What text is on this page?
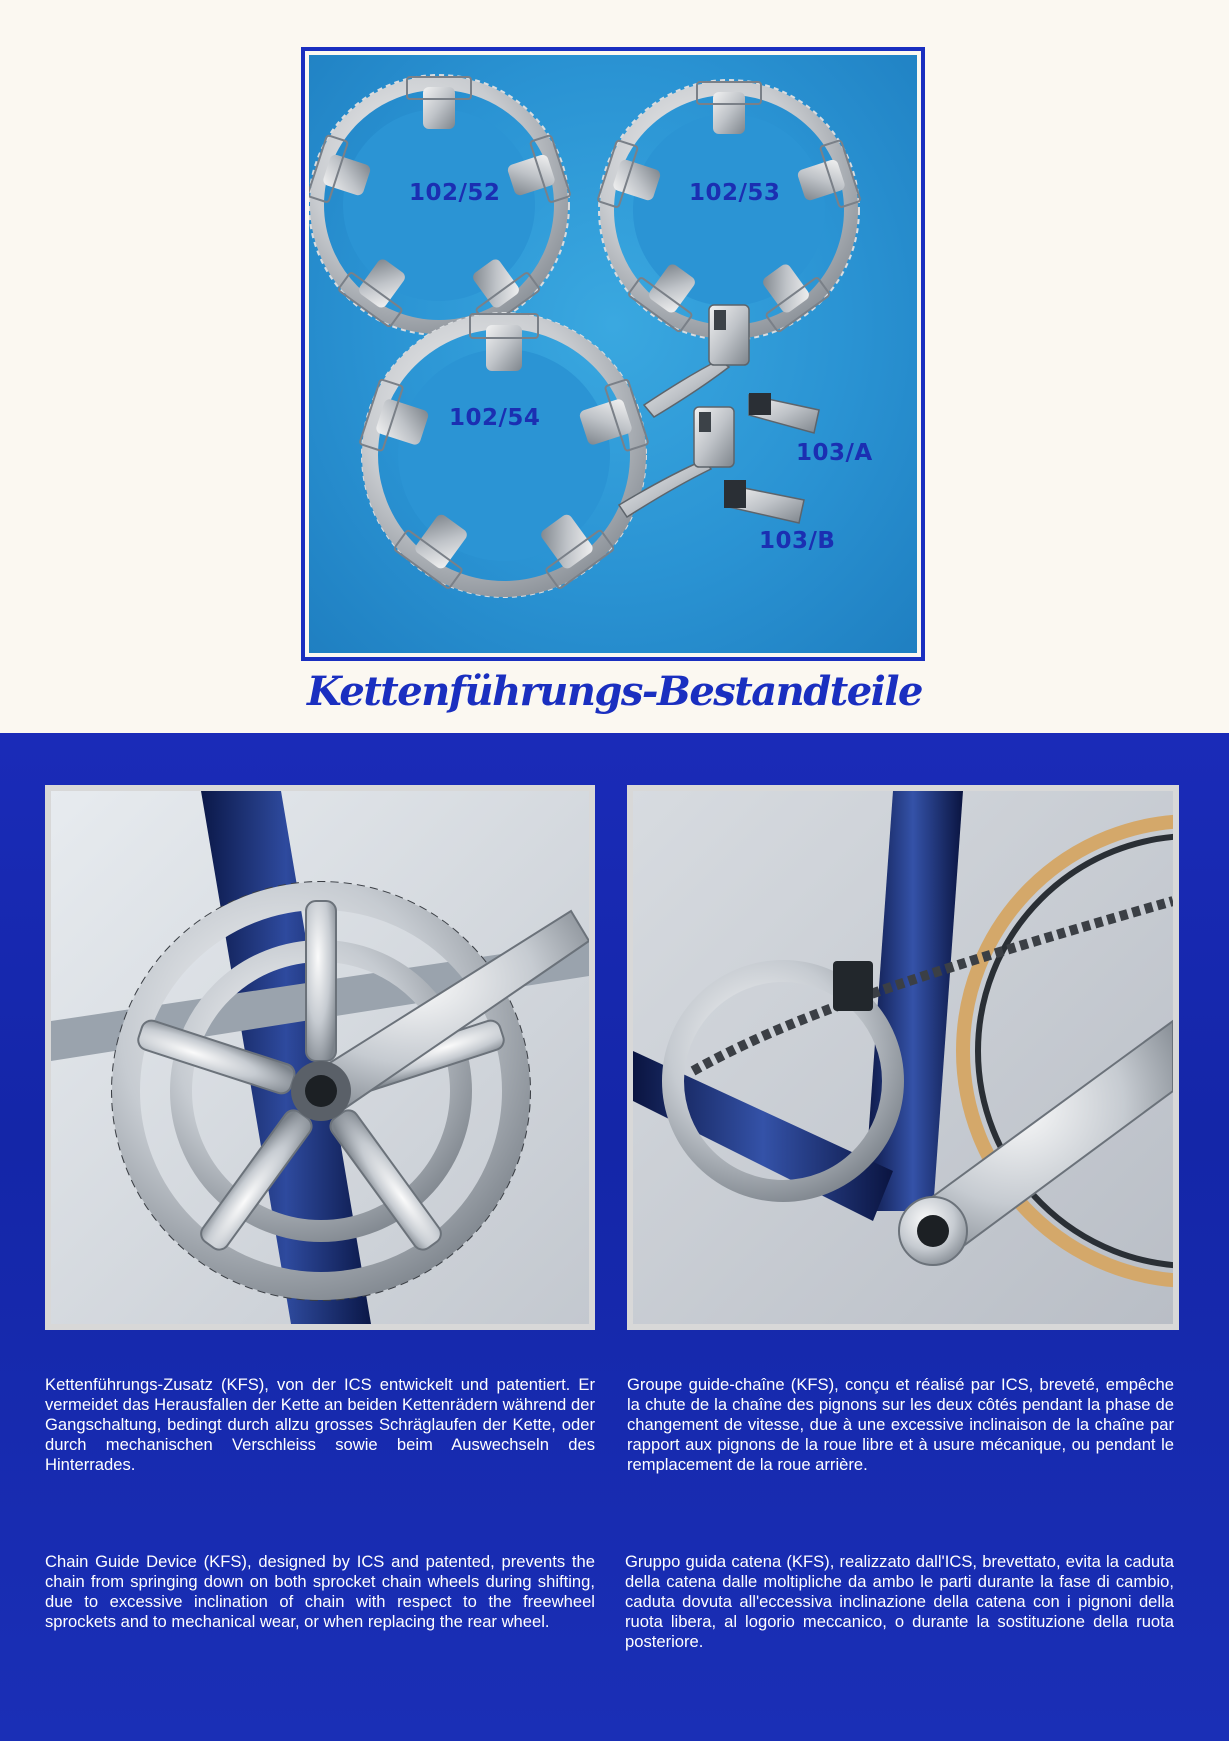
102/52	102/53
102/54
103/A
103/B
Kettenführungs-Bestandteile
Kettenführungs-Zusatz (KFS), von der ICS entwickelt und patentiert. Er vermeidet das Herausfallen der Kette an beiden Kettenrädern während der Gangschaltung, bedingt durch allzu grosses Schräglaufen der Kette, oder durch mechanischen Verschleiss sowie beim Auswechseln des Hinterrades.
Groupe guide-chaîne (KFS), conçu et réalisé par ICS, breveté, empêche la chute de la chaîne des pignons sur les deux côtés pendant la phase de changement de vitesse, due à une excessive inclinaison de la chaîne par rapport aux pignons de la roue libre et à usure mécanique, ou pendant le remplacement de la roue arrière.
Chain Guide Device (KFS), designed by ICS and patented, prevents the chain from springing down on both sprocket chain wheels during shifting, due to excessive inclination of chain with respect to the freewheel sprockets and to mechanical wear, or when replacing the rear wheel.
Gruppo guida catena (KFS), realizzato dall'ICS, brevettato, evita la caduta della catena dalle moltipliche da ambo le parti durante la fase di cambio, caduta dovuta all'eccessiva inclinazione della catena con i pignoni della ruota libera, al logorio meccanico, o durante la sostituzione della ruota posteriore.
